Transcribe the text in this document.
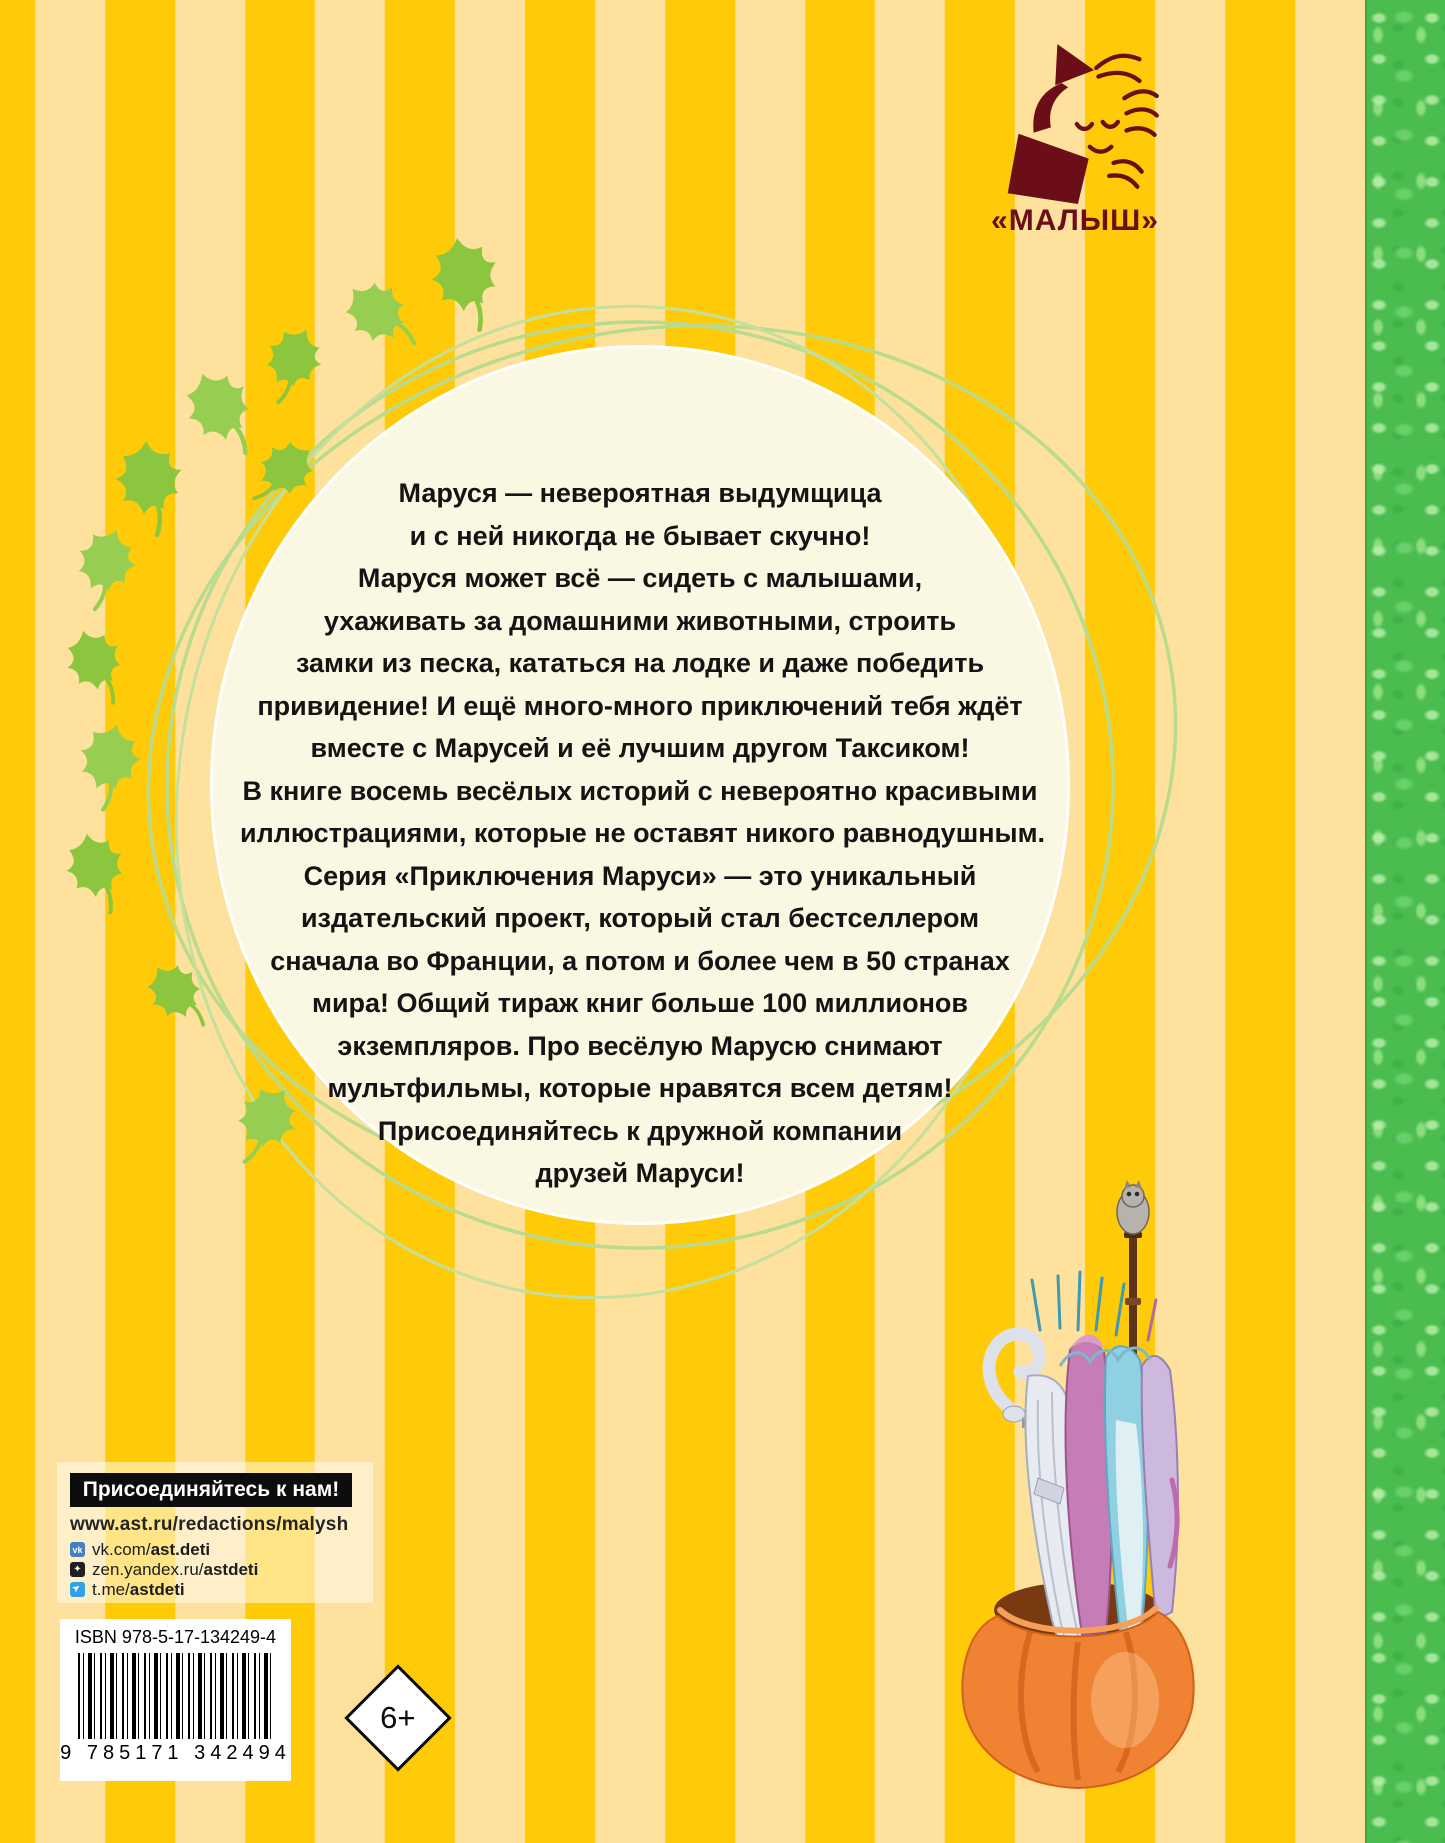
Маруся — невероятная выдумщица
и с ней никогда не бывает скучно!
Маруся может всё — сидеть с малышами,
ухаживать за домашними животными, строить
замки из песка, кататься на лодке и даже победить
привидение! И ещё много-много приключений тебя ждёт
вместе с Марусей и её лучшим другом Таксиком!
В книге восемь весёлых историй с невероятно красивыми
иллюстрациями, которые не оставят никого равнодушным.
Серия «Приключения Маруси» — это уникальный
издательский проект, который стал бестселлером
сначала во Франции, а потом и более чем в 50 странах
мира! Общий тираж книг больше 100 миллионов
экземпляров. Про весёлую Марусю снимают
мультфильмы, которые нравятся всем детям!
Присоединяйтесь к дружной компании
друзей Маруси!
«МАЛЫШ»
Присоединяйтесь к нам!
www.ast.ru/redactions/malysh
vk vk.com/ast.deti
✦ zen.yandex.ru/astdeti
➤ t.me/astdeti
ISBN 978-5-17-134249-4
9 785171 342494
6+
